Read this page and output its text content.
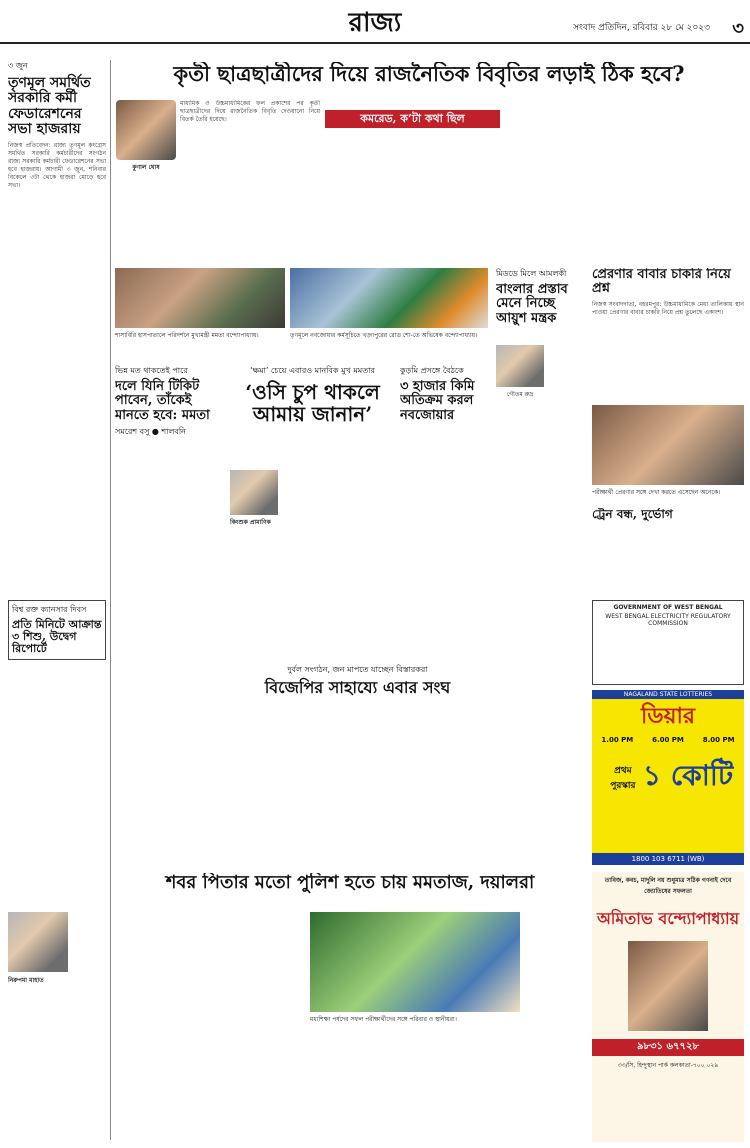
রাজ্য	সংবাদ প্রতিদিন, রবিবার ২৮ মে ২০২৩ ৩
৩ জুন
তৃণমূল সমর্থিত সরকারি কর্মী ফেডারেশনের সভা হাজরায়
নিজস্ব প্রতিবেদন: রাজ্য তৃণমূল কংগ্রেস সমর্থিত সরকারি কর্মচারীদের সংগঠন রাজ্য সরকারি কর্মচারী ফেডারেশনের সভা হবে হাজরায়। আগামী ৩ জুন, শনিবার বিকেলে ৩টা থেকে হাজরা মোড়ে হবে সভা।
কৃতী ছাত্রছাত্রীদের দিয়ে রাজনৈতিক বিবৃতির লড়াই ঠিক হবে?
কুণাল ঘোষ
মাধ্যমিক ও উচ্চমাধ্যমিকের ফল প্রকাশের পর কৃতী ছাত্রছাত্রীদের দিয়ে রাজনৈতিক বিবৃতি দেওয়ানো নিয়ে বিতর্ক তৈরি হয়েছে।	কমরেড, ক’টা কথা ছিল
শাসাবিরি হাসপাতালে পরিদর্শনে মুখ্যমন্ত্রী মমতা বন্দ্যোপাধ্যায়।	তৃণমূলে নবজোয়ার কর্মসূচিতে খড়্গপুরের রোড শো-তে অভিষেক বন্দ্যোপাধ্যায়।
মিডডে মিলে আমলকী
বাংলার প্রস্তাব মেনে নিচ্ছে আয়ুশ মন্ত্রক
গৌতম রুদ্র
প্রেরণার বাবার চাকরি নিয়ে প্রশ্ন
নিজস্ব সংবাদদাতা, বহরমপুর: উচ্চমাধ্যমিকে মেধা তালিকায় স্থান পাওয়া প্রেরণার বাবার চাকরি নিয়ে প্রশ্ন তুলেছে একাংশ।
পরীক্ষার্থী প্রেরণার সঙ্গে দেখা করতে এসেছেন অনেকে।
ভিন্ন মত থাকতেই পারে
দলে যিনি টিকিট পাবেন, তাঁকেই মানতে হবে: মমতা
সমরেশ বসু ● শালবনি
‘ক্ষমা’ চেয়ে এবারও মানবিক মুখ মমতার
‘ওসি চুপ থাকলে আমায় জানান’
কিংশুক প্রামাণিক
কুড়মি প্রসঙ্গে বৈঠকে
৩ হাজার কিমি অতিক্রম করল নবজোয়ার
দুর্বল সংগঠন, জন মাপতে যাচ্ছেন বিস্তারকরা
বিজেপির সাহায্যে এবার সংঘ
বিশ্ব রক্ত ক্যানসার দিবস
প্রতি মিনিটে আক্রান্ত ৩ শিশু, উদ্বেগ রিপোর্টে
ট্রেন বন্ধ, দুর্ভোগ
GOVERNMENT OF WEST BENGAL
WEST BENGAL ELECTRICITY REGULATORY COMMISSION
NAGALAND STATE LOTTERIES
ডিয়ার
1.00 PM	6.00 PM	8.00 PM
প্রথম পুরস্কার ১ কোটি
1800 103 6711 (WB)
শবর পিতার মতো পুলিশ হতে চায় মমতাজ, দয়ালরা
নিরুপমা মাহাত
মধ্যশিক্ষা পর্ষদের সফল পরীক্ষার্থীদের সঙ্গে পরিবার ও স্থানীয়রা।
তাবিজ, কবচ, মাদুলি নয় শুধুমাত্র সঠিক গণনাই দেবে জ্যোতিষের সফলতা
অমিতাভ বন্দ্যোপাধ্যায়
৯৮৩১ ৬৭৭২৮
৩৩/সি, হিন্দুস্থান পার্ক কলকাতা-৭০০ ০২৯
